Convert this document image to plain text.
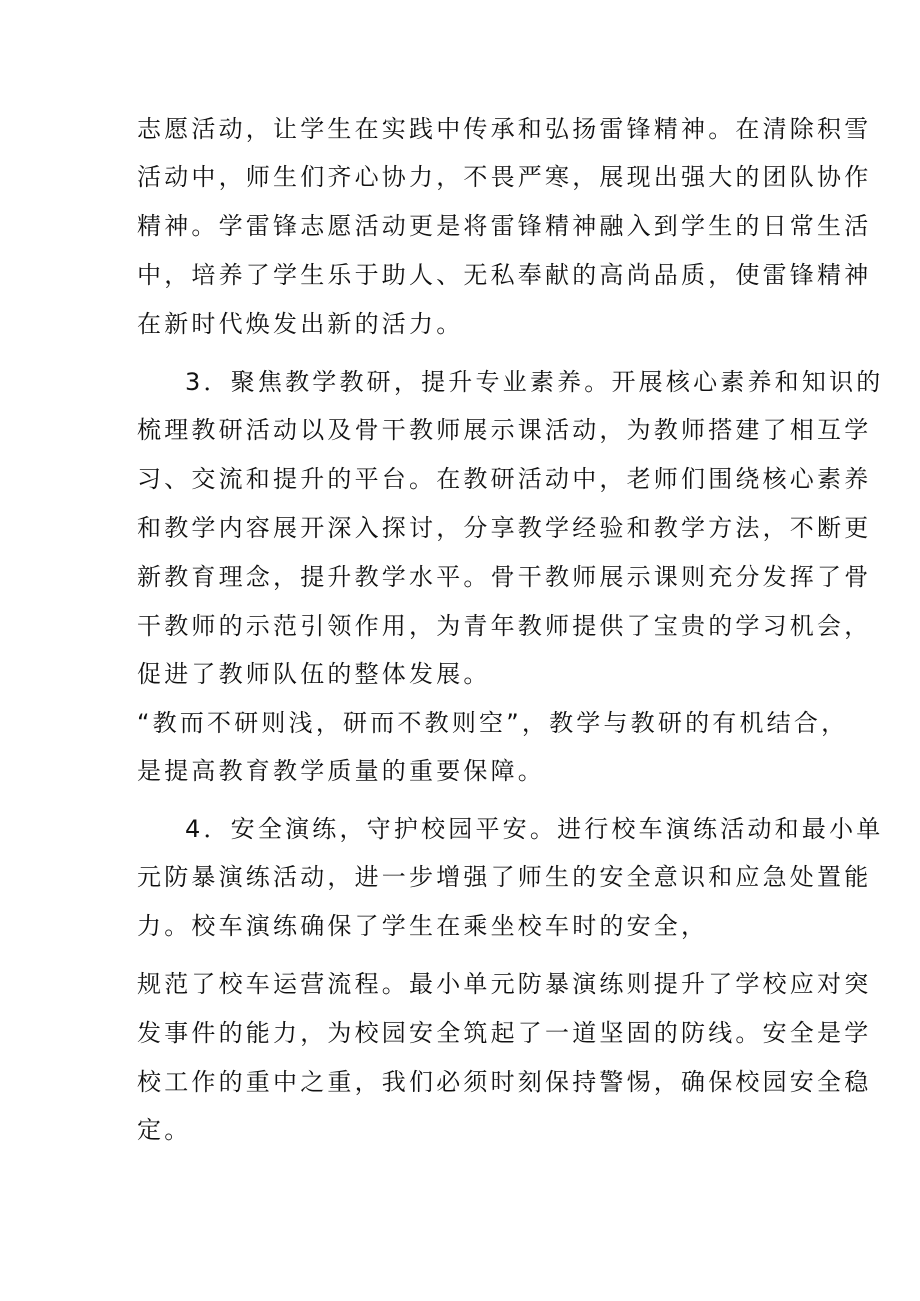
志愿活动，让学生在实践中传承和弘扬雷锋精神。在清除积雪
活动中，师生们齐心协力，不畏严寒，展现出强大的团队协作
精神。学雷锋志愿活动更是将雷锋精神融入到学生的日常生活
中，培养了学生乐于助人、无私奉献的高尚品质，使雷锋精神
在新时代焕发出新的活力。
3．聚焦教学教研，提升专业素养。开展核心素养和知识的
梳理教研活动以及骨干教师展示课活动，为教师搭建了相互学
习、交流和提升的平台。在教研活动中，老师们围绕核心素养
和教学内容展开深入探讨，分享教学经验和教学方法，不断更
新教育理念，提升教学水平。骨干教师展示课则充分发挥了骨
干教师的示范引领作用，为青年教师提供了宝贵的学习机会，
促进了教师队伍的整体发展。
“教而不研则浅，研而不教则空”，教学与教研的有机结合，
是提高教育教学质量的重要保障。
4．安全演练，守护校园平安。进行校车演练活动和最小单
元防暴演练活动，进一步增强了师生的安全意识和应急处置能
力。校车演练确保了学生在乘坐校车时的安全，
规范了校车运营流程。最小单元防暴演练则提升了学校应对突
发事件的能力，为校园安全筑起了一道坚固的防线。安全是学
校工作的重中之重，我们必须时刻保持警惕，确保校园安全稳
定。
